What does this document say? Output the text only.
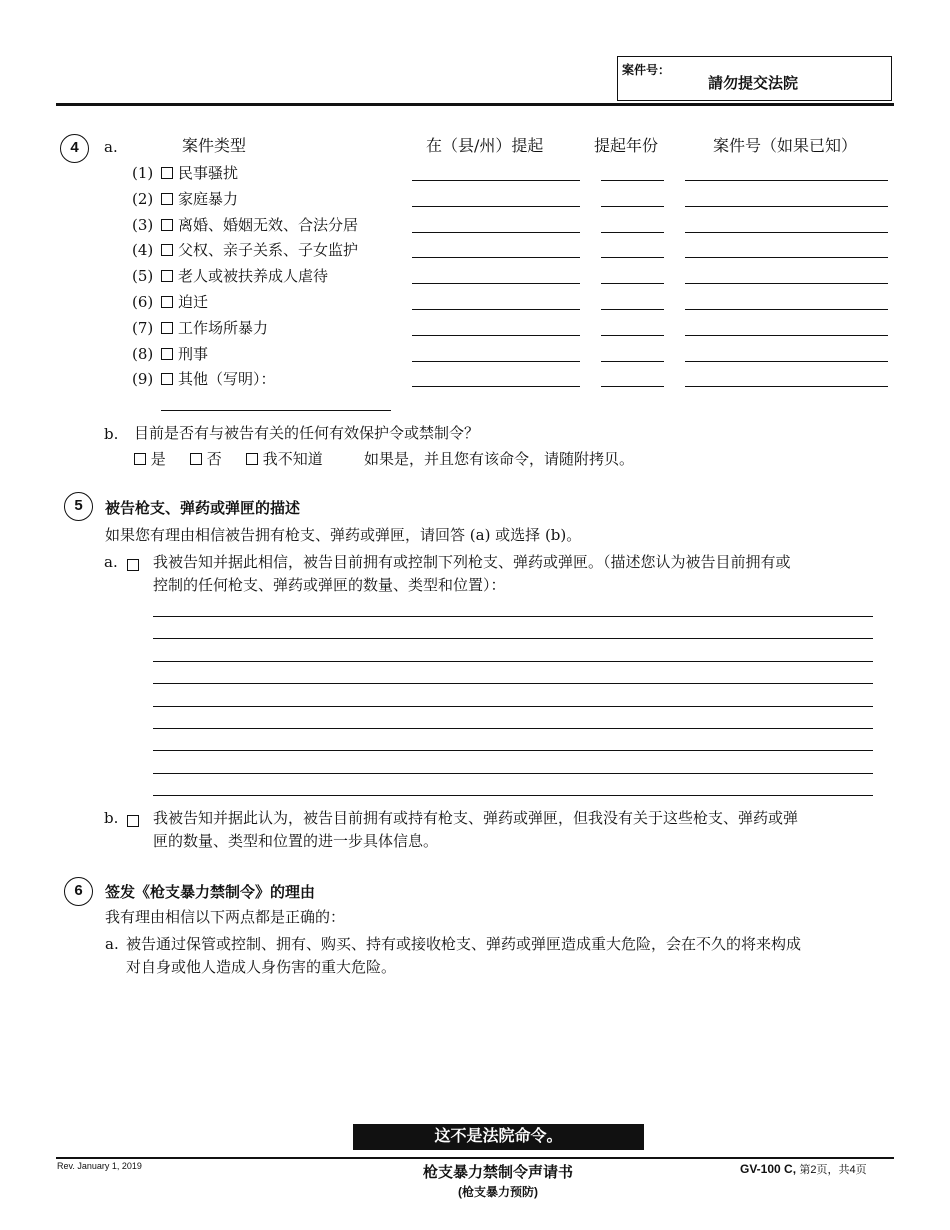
案件号：
請勿提交法院
4	a.	案件类型	在（县/州）提起	提起年份	案件号（如果已知）
(1)	民事骚扰
(2)	家庭暴力
(3)	离婚、婚姻无效、合法分居
(4)	父权、亲子关系、子女监护
(5)	老人或被扶养成人虐待
(6)	迫迁
(7)	工作场所暴力
(8)	刑事
(9)	其他（写明）：
b. 目前是否有与被告有关的任何有效保护令或禁制令？
是	否	我不知道	如果是，并且您有该命令，请随附拷贝。
5	被告枪支、弹药或弹匣的描述
如果您有理由相信被告拥有枪支、弹药或弹匣，请回答 (a) 或选择 (b)。
a. 我被告知并据此相信，被告目前拥有或控制下列枪支、弹药或弹匣。（描述您认为被告目前拥有或
控制的任何枪支、弹药或弹匣的数量、类型和位置）：
b. 我被告知并据此认为，被告目前拥有或持有枪支、弹药或弹匣，但我没有关于这些枪支、弹药或弹
匣的数量、类型和位置的进一步具体信息。
6	签发《枪支暴力禁制令》的理由
我有理由相信以下两点都是正确的：
a. 被告通过保管或控制、拥有、购买、持有或接收枪支、弹药或弹匣造成重大危险，会在不久的将来构成
对自身或他人造成人身伤害的重大危险。
这不是法院命令。
Rev. January 1, 2019	枪支暴力禁制令声请书
(枪支暴力预防)
GV-100 C, 第2页，共4页
